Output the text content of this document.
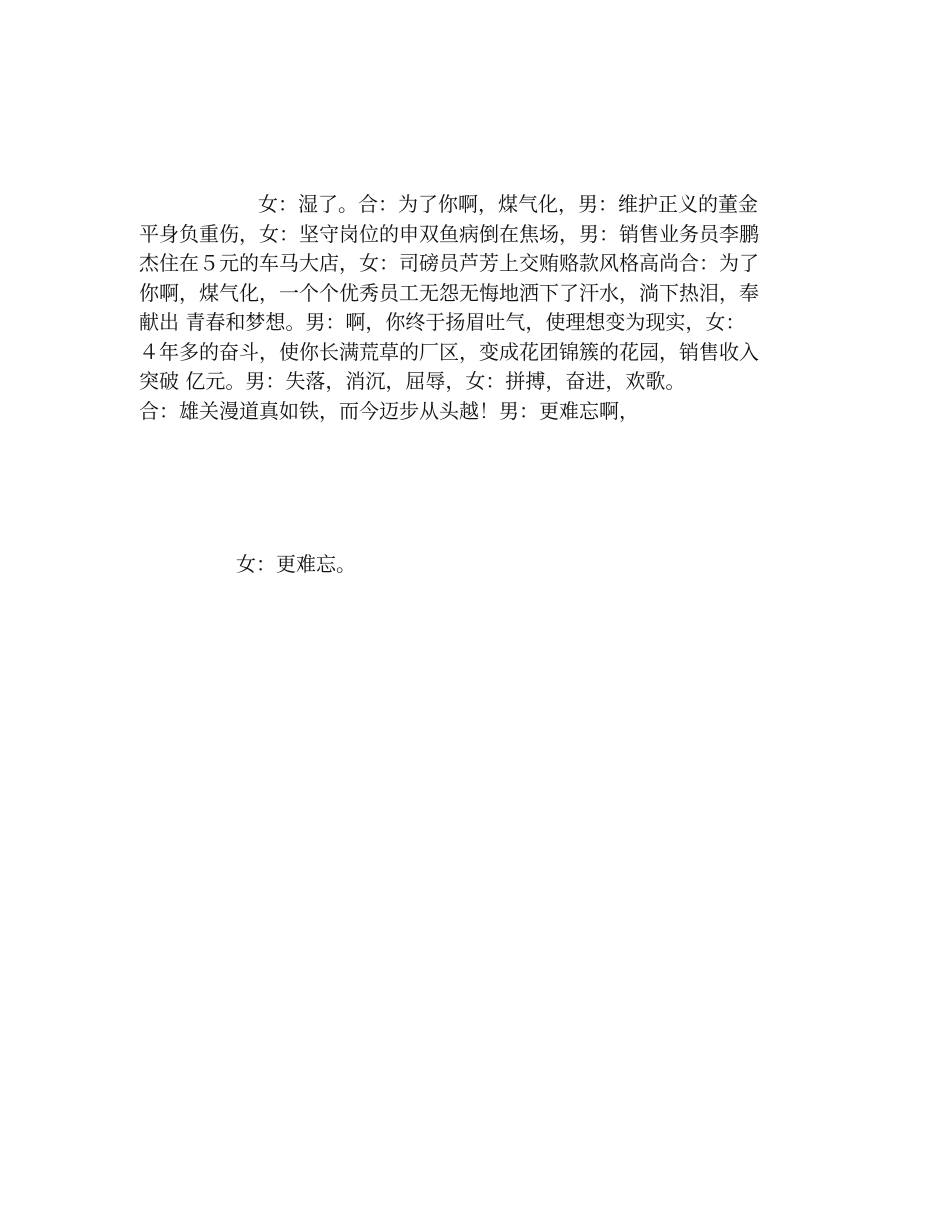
女：湿了。合：为了你啊，煤气化，男：维护正义的董金
平身负重伤，女：坚守岗位的申双鱼病倒在焦场，男：销售业务员李鹏
杰住在５元的车马大店，女：司磅员芦芳上交贿赂款风格高尚合：为了
你啊，煤气化，一个个优秀员工无怨无悔地洒下了汗水，淌下热泪，奉
献出 青春和梦想。男：啊，你终于扬眉吐气，使理想变为现实，女：
４年多的奋斗，使你长满荒草的厂区，变成花团锦簇的花园，销售收入
突破 亿元。男：失落，消沉，屈辱，女：拼搏，奋进，欢歌。
合：雄关漫道真如铁，而今迈步从头越！男：更难忘啊，
女：更难忘。
